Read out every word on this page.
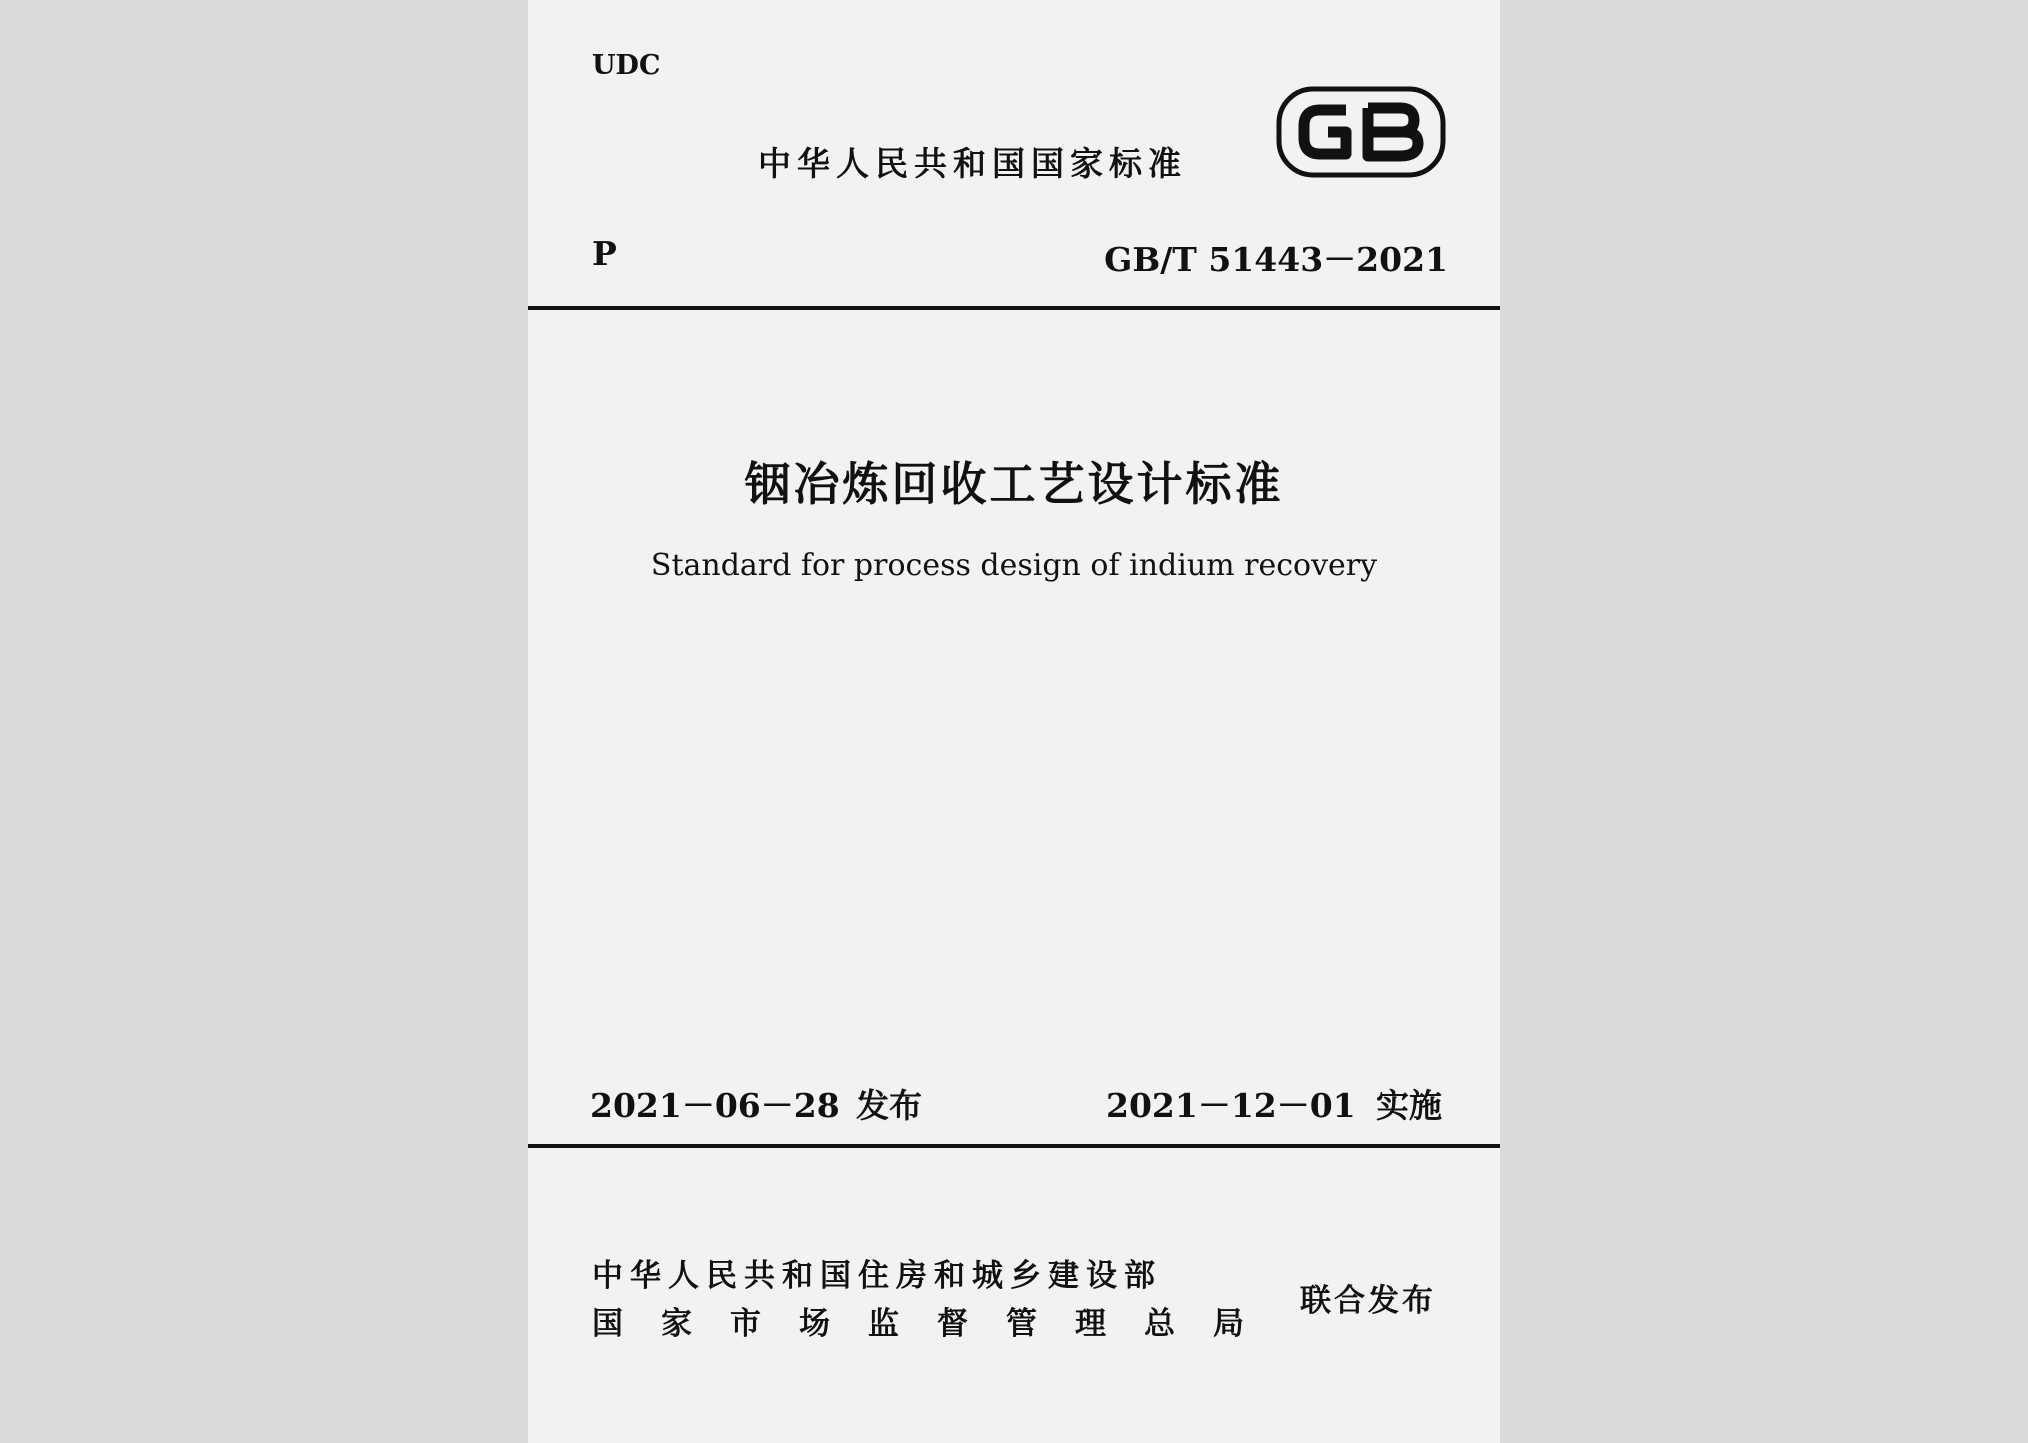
UDC
中华人民共和国国家标准
P	GB/T 51443－2021
铟冶炼回收工艺设计标准
Standard for process design of indium recovery
2021－06－28 发布	2021－12－01 实施
中华人民共和国住房和城乡建设部
国家市场监督管理总局
联合发布
